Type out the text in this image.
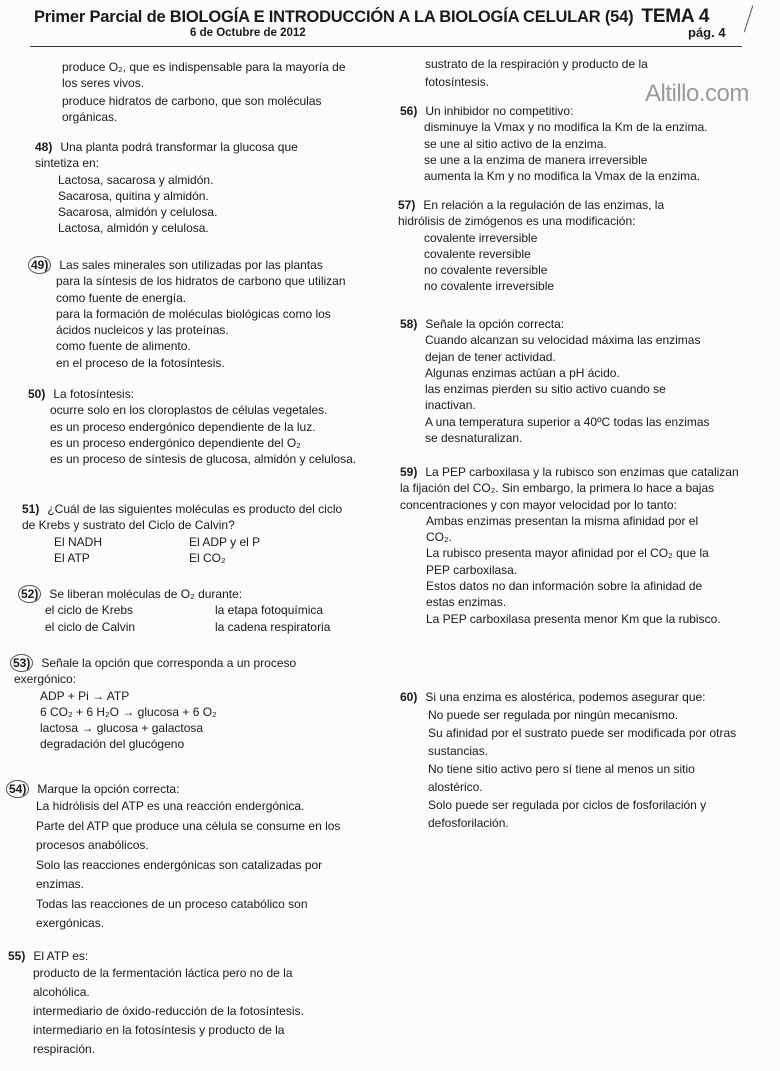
Primer Parcial de BIOLOGÍA E INTRODUCCIÓN A LA BIOLOGÍA CELULAR (54) TEMA 4
6 de Octubre de 2012	pág. 4
Altillo.com
produce O₂, que es indispensable para la mayoría de los seres vivos.
produce hidratos de carbono, que son moléculas orgánicas.
48) Una planta podrá transformar la glucosa que sintetiza en:
Lactosa, sacarosa y almidón.
Sacarosa, quitina y almidón.
Sacarosa, almidón y celulosa.
Lactosa, almidón y celulosa.
49) Las sales minerales son utilizadas por las plantas
para la síntesis de los hidratos de carbono que utilizan como fuente de energía.
para la formación de moléculas biológicas como los ácidos nucleicos y las proteínas.
como fuente de alimento.
en el proceso de la fotosíntesis.
50) La fotosíntesis:
ocurre solo en los cloroplastos de células vegetales.
es un proceso endergónico dependiente de la luz.
es un proceso endergónico dependiente del O₂
es un proceso de síntesis de glucosa, almidón y celulosa.
51) ¿Cuál de las siguientes moléculas es producto del ciclo de Krebs y sustrato del Ciclo de Calvin?
El NADH	El ADP y el P
El ATP	El CO₂
52) Se liberan moléculas de O₂ durante:
el ciclo de Krebs	la etapa fotoquímica
el ciclo de Calvin	la cadena respiratoria
53) Señale la opción que corresponda a un proceso exergónico:
ADP + Pi → ATP
6 CO₂ + 6 H₂O → glucosa + 6 O₂
lactosa → glucosa + galactosa
degradación del glucógeno
54) Marque la opción correcta:
La hidrólisis del ATP es una reacción endergónica.
Parte del ATP que produce una célula se consume en los procesos anabólicos.
Solo las reacciones endergónicas son catalizadas por enzimas.
Todas las reacciones de un proceso catabólico son exergónicas.
55) El ATP es:
producto de la fermentación láctica pero no de la alcohólica.
intermediario de óxido-reducción de la fotosíntesis.
intermediario en la fotosíntesis y producto de la respiración.
sustrato de la respiración y producto de la fotosíntesis.
56) Un inhibidor no competitivo:
disminuye la Vmax y no modifica la Km de la enzima.
se une al sitio activo de la enzima.
se une a la enzima de manera irreversible
aumenta la Km y no modifica la Vmax de la enzima.
57) En relación a la regulación de las enzimas, la hidrólisis de zimógenos es una modificación:
covalente irreversible
covalente reversible
no covalente reversible
no covalente irreversible
58) Señale la opción correcta:
Cuando alcanzan su velocidad máxima las enzimas dejan de tener actividad.
Algunas enzimas actúan a pH ácido.
las enzimas pierden su sitio activo cuando se inactivan.
A una temperatura superior a 40ºC todas las enzimas se desnaturalizan.
59) La PEP carboxilasa y la rubisco son enzimas que catalizan la fijación del CO₂. Sin embargo, la primera lo hace a bajas concentraciones y con mayor velocidad por lo tanto:
Ambas enzimas presentan la misma afinidad por el CO₂.
La rubisco presenta mayor afinidad por el CO₂ que la PEP carboxilasa.
Estos datos no dan información sobre la afinidad de estas enzimas.
La PEP carboxilasa presenta menor Km que la rubisco.
60) Si una enzima es alostérica, podemos asegurar que:
No puede ser regulada por ningún mecanismo.
Su afinidad por el sustrato puede ser modificada por otras sustancias.
No tiene sitio activo pero sí tiene al menos un sitio alostérico.
Solo puede ser regulada por ciclos de fosforilación y defosforilación.
